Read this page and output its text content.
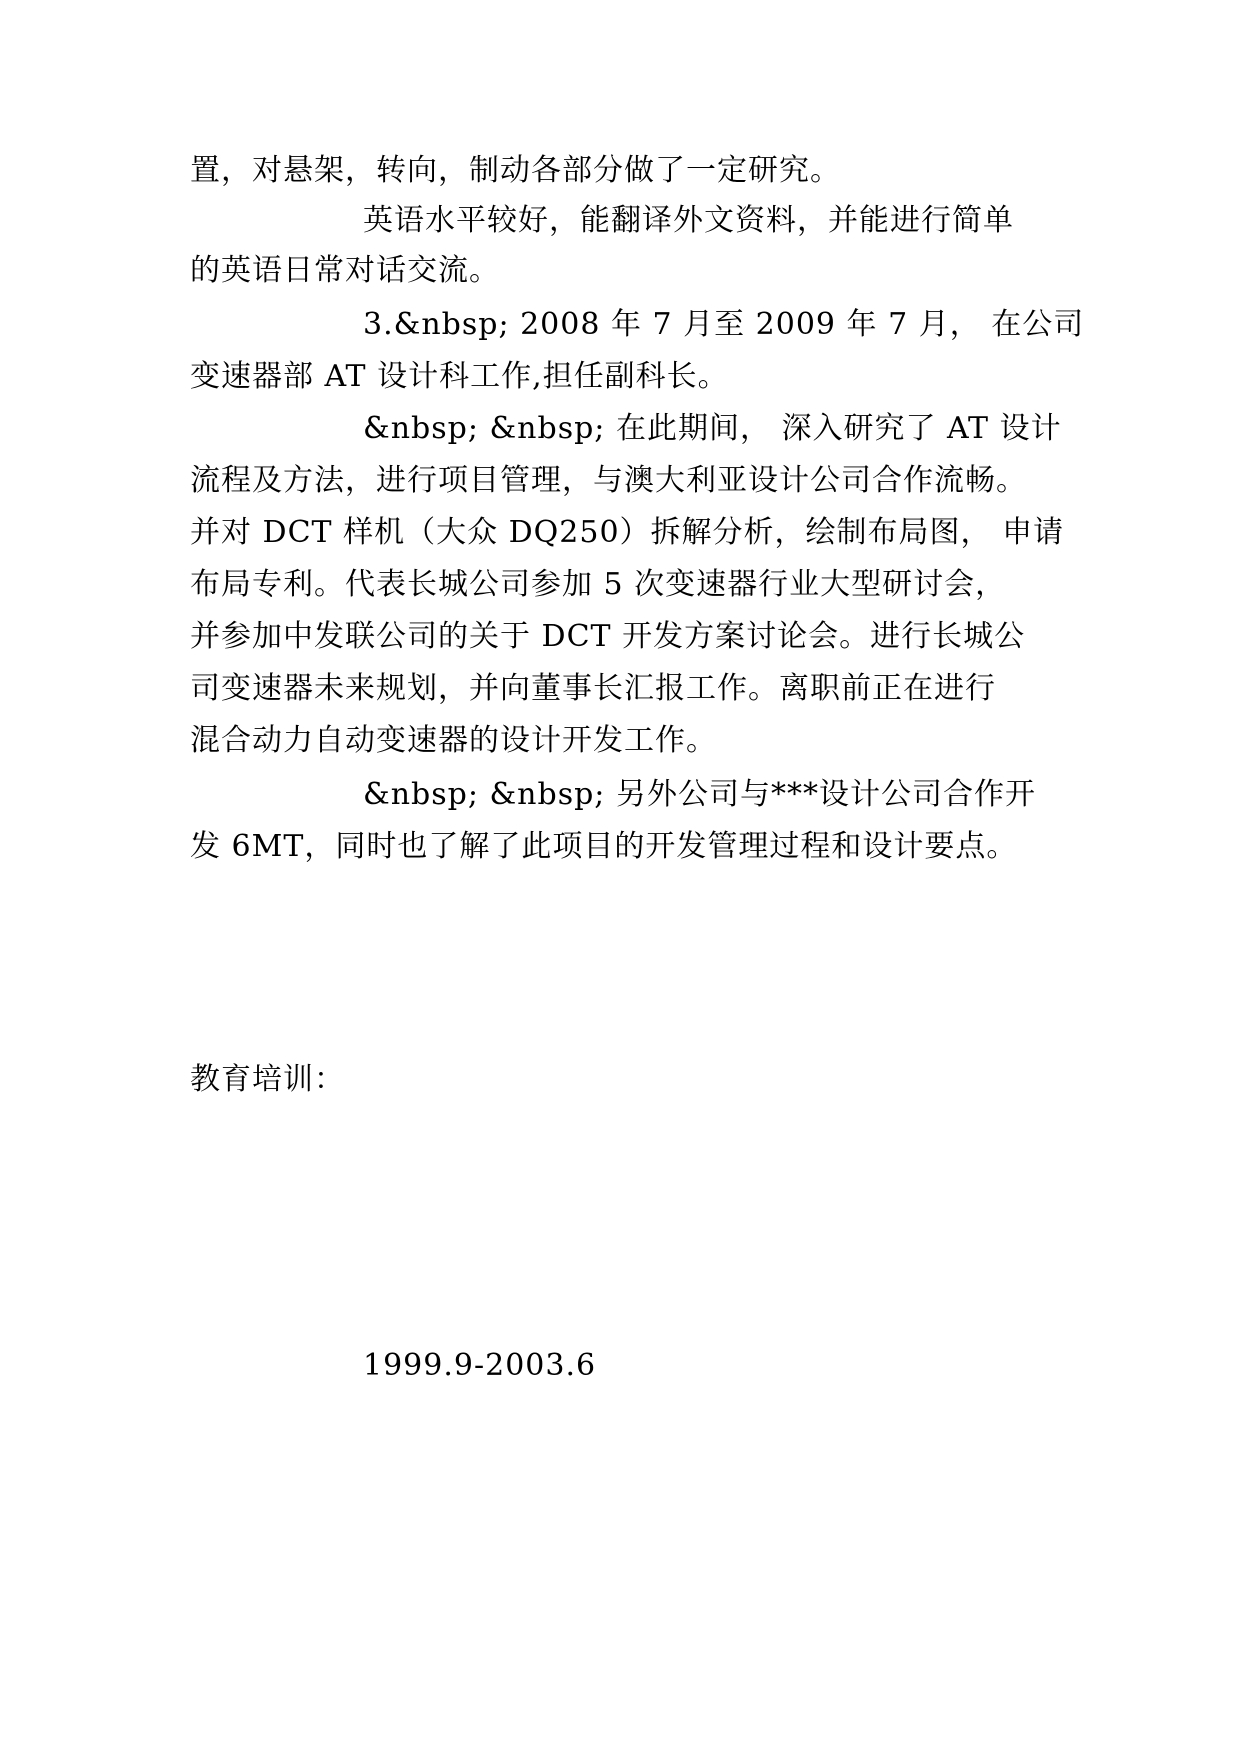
置，对悬架，转向，制动各部分做了一定研究。
英语水平较好，能翻译外文资料，并能进行简单
的英语日常对话交流。
3.&nbsp; 2008 年 7 月至 2009 年 7 月， 在公司
变速器部 AT 设计科工作,担任副科长。
&nbsp; &nbsp; 在此期间， 深入研究了 AT 设计
流程及方法，进行项目管理，与澳大利亚设计公司合作流畅。
并对 DCT 样机（大众 DQ250）拆解分析，绘制布局图， 申请
布局专利。代表长城公司参加 5 次变速器行业大型研讨会，
并参加中发联公司的关于 DCT 开发方案讨论会。进行长城公
司变速器未来规划，并向董事长汇报工作。离职前正在进行
混合动力自动变速器的设计开发工作。
&nbsp; &nbsp; 另外公司与***设计公司合作开
发 6MT，同时也了解了此项目的开发管理过程和设计要点。
教育培训：
1999.9-2003.6
